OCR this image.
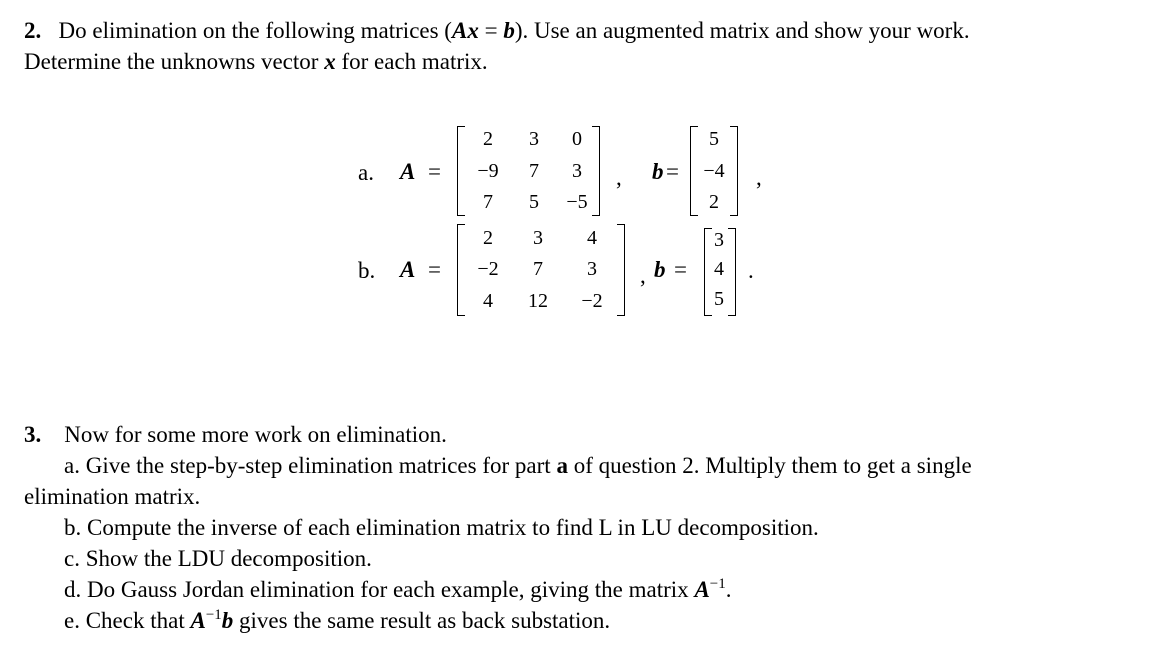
2. Do elimination on the following matrices (Ax = b). Use an augmented matrix and show your work.
Determine the unknowns vector x for each matrix.
a. A =
2	3	0
−9	7	3
7	5	−5
, b =
5
−4
2
,
b. A =
2	3	4
−2	7	3
4	12	−2
, b =
3
4
5
.
3. Now for some more work on elimination.
a. Give the step-by-step elimination matrices for part a of question 2. Multiply them to get a single
elimination matrix.
b. Compute the inverse of each elimination matrix to find L in LU decomposition.
c. Show the LDU decomposition.
d. Do Gauss Jordan elimination for each example, giving the matrix $A^{-1}$.
e. Check that $A^{-1}b$ gives the same result as back substation.
